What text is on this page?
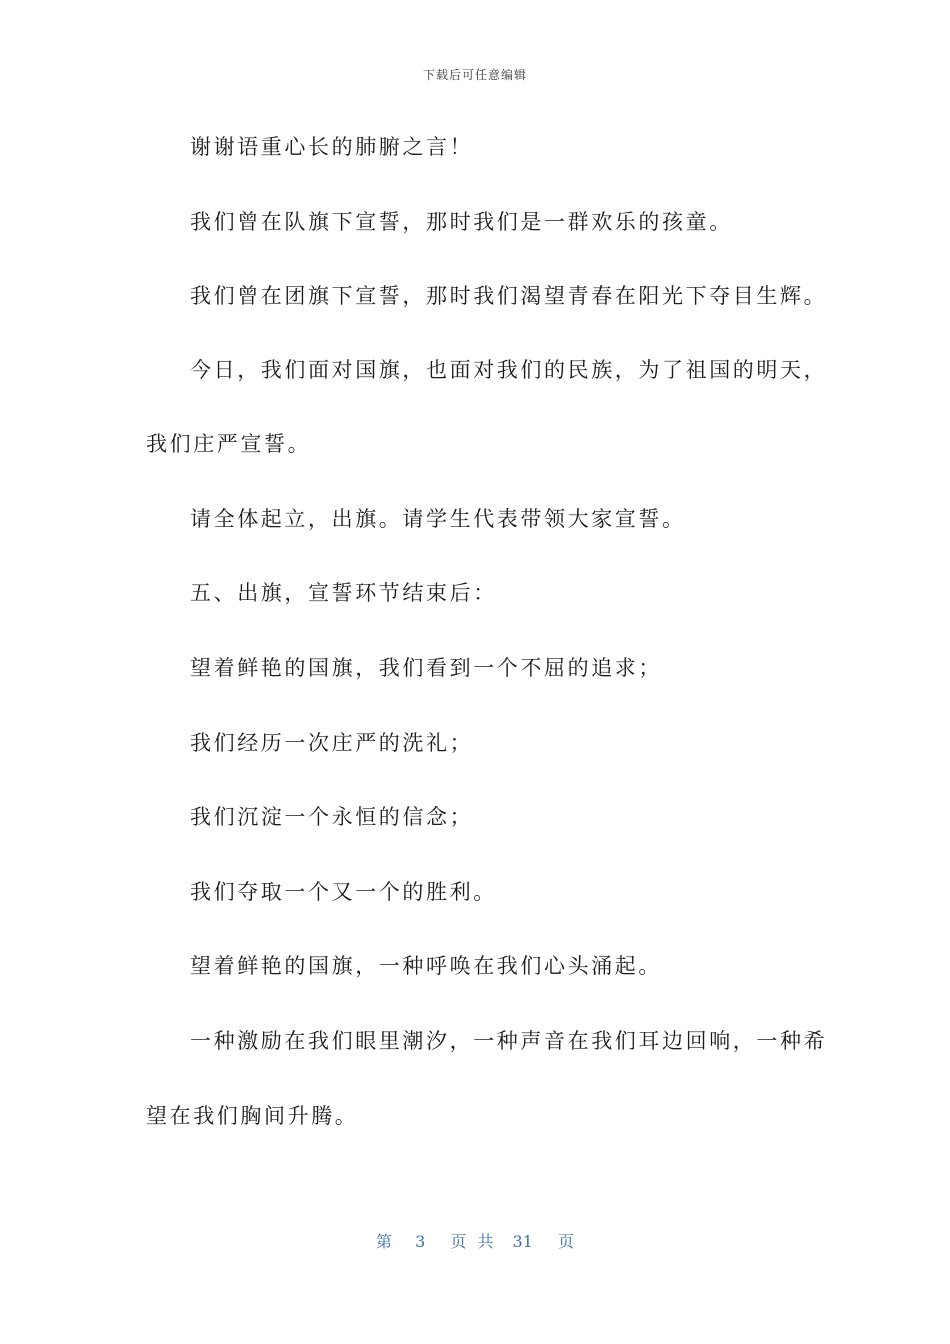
下载后可任意编辑
谢谢语重心长的肺腑之言！
我们曾在队旗下宣誓，那时我们是一群欢乐的孩童。
我们曾在团旗下宣誓，那时我们渴望青春在阳光下夺目生辉。
今日，我们面对国旗，也面对我们的民族，为了祖国的明天，
我们庄严宣誓。
请全体起立，出旗。请学生代表带领大家宣誓。
五、出旗，宣誓环节结束后：
望着鲜艳的国旗，我们看到一个不屈的追求；
我们经历一次庄严的洗礼；
我们沉淀一个永恒的信念；
我们夺取一个又一个的胜利。
望着鲜艳的国旗，一种呼唤在我们心头涌起。
一种激励在我们眼里潮汐，一种声音在我们耳边回响，一种希
望在我们胸间升腾。
第 3 页 共 31 页
